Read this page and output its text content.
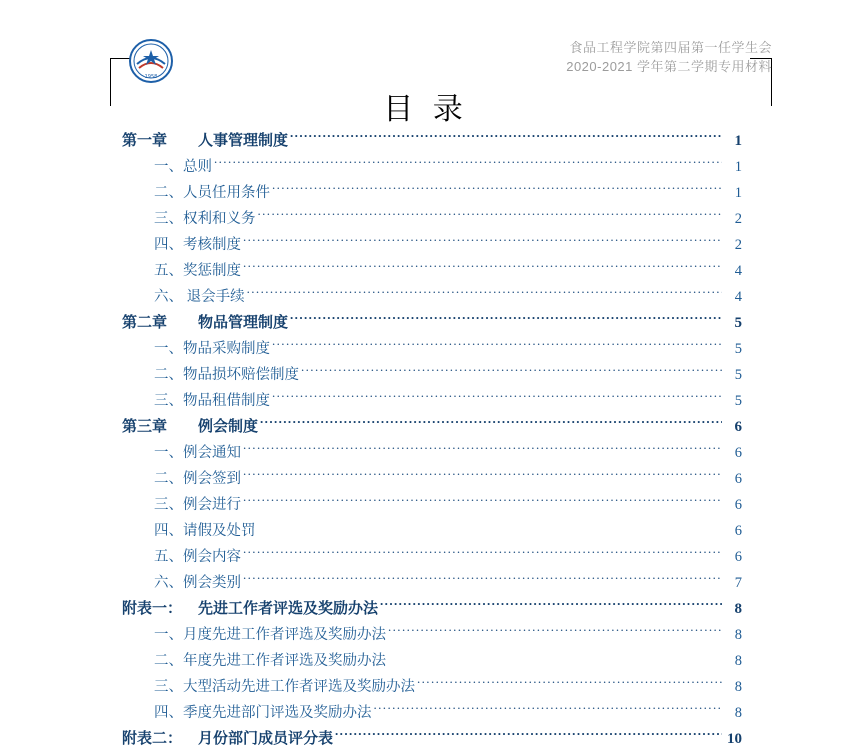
1958
食品工程学院第四届第一任学生会
2020-2021 学年第二学期专用材料
目 录
第一章 人事管理制度 .....	1
一、总则 .....	1
二、人员任用条件 .....	1
三、权利和义务 .....	2
四、考核制度 .....	2
五、奖惩制度 .....	4
六、 退会手续 .....	4
第二章 物品管理制度 .....	5
一、物品采购制度 .....	5
二、物品损坏赔偿制度 .....	5
三、物品租借制度 .....	5
第三章 例会制度 .....	6
一、例会通知 .....	6
二、例会签到 .....	6
三、例会进行 .....	6
四、请假及处罚	6
五、例会内容 .....	6
六、例会类别 .....	7
附表一： 先进工作者评选及奖励办法 .....	8
一、月度先进工作者评选及奖励办法 .....	8
二、年度先进工作者评选及奖励办法	8
三、大型活动先进工作者评选及奖励办法 .....	8
四、季度先进部门评选及奖励办法 .....	8
附表二： 月份部门成员评分表 .....	10
